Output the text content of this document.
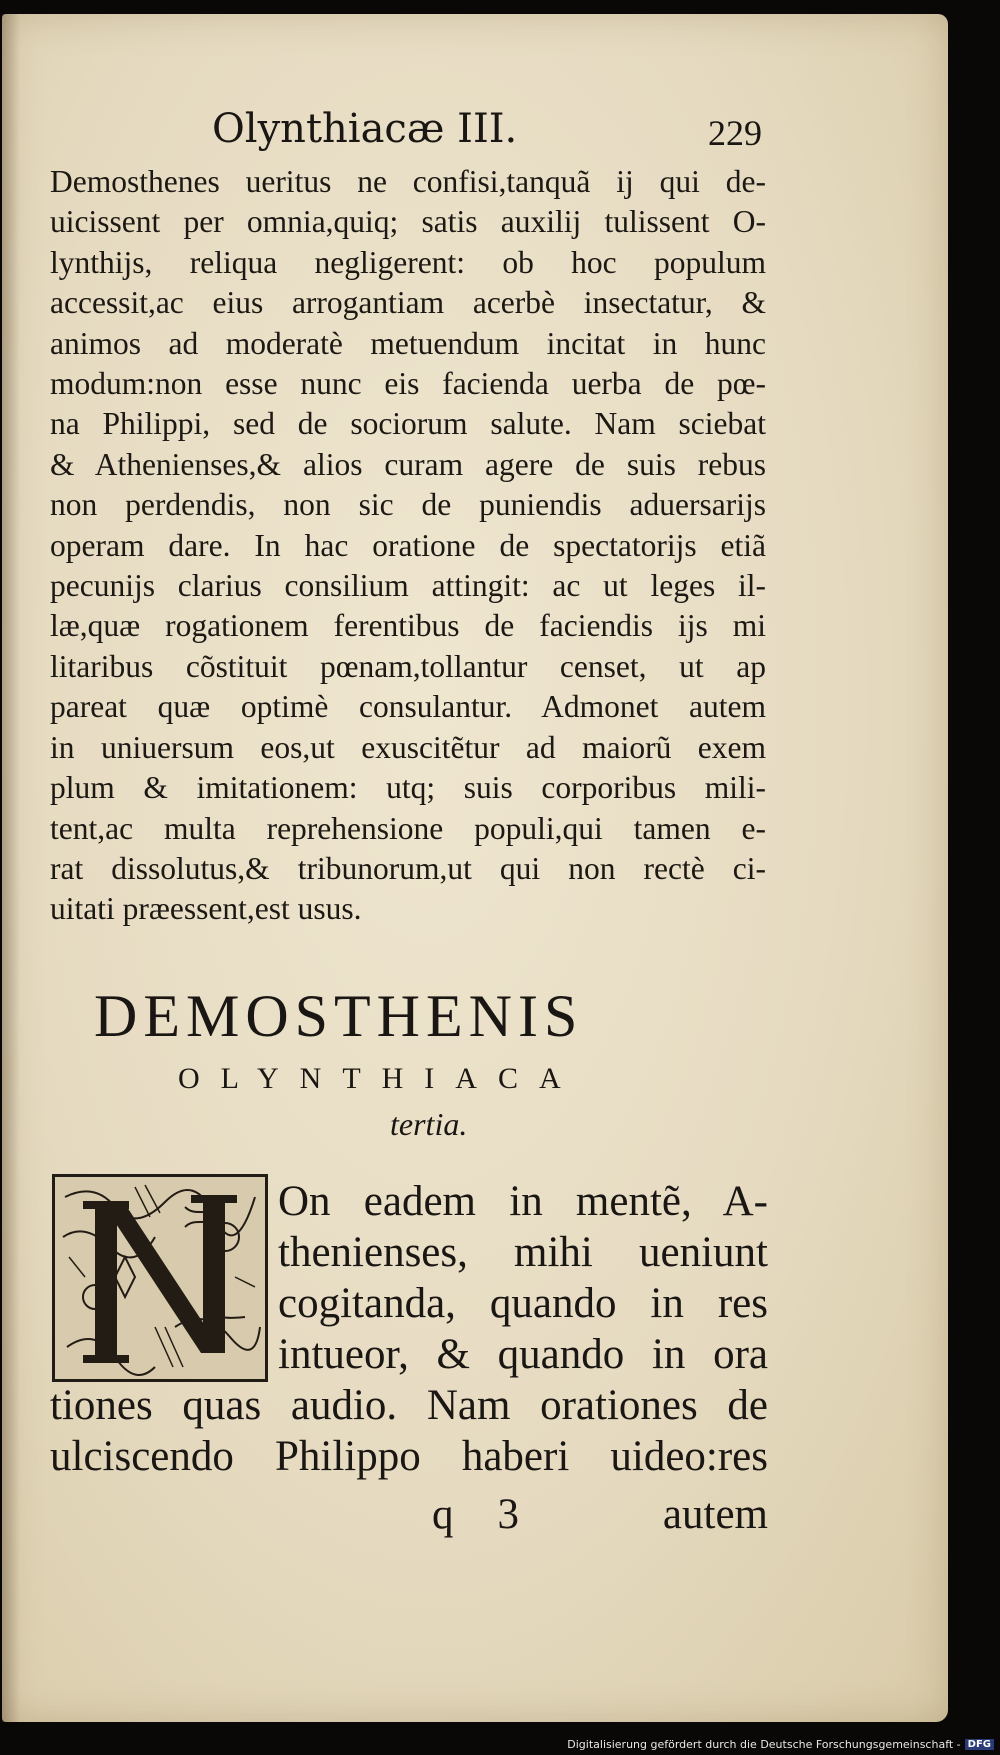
Olynthiacæ III.	229
Demosthenes ueritus ne confisi,tanquã ij qui de-
uicissent per omnia,quiq; satis auxilij tulissent O-
lynthijs, reliqua negligerent: ob hoc populum
accessit,ac eius arrogantiam acerbè insectatur, &
animos ad moderatè metuendum incitat in hunc
modum:non esse nunc eis facienda uerba de pœ-
na Philippi, sed de sociorum salute. Nam sciebat
& Athenienses,& alios curam agere de suis rebus
non perdendis, non sic de puniendis aduersarijs
operam dare. In hac oratione de spectatorijs etiã
pecunijs clarius consilium attingit: ac ut leges il-
læ,quæ rogationem ferentibus de faciendis ijs mi
litaribus cõstituit pœnam,tollantur censet, ut ap
pareat quæ optimè consulantur. Admonet autem
in uniuersum eos,ut exuscitẽtur ad maiorũ exem
plum & imitationem: utq; suis corporibus mili-
tent,ac multa reprehensione populi,qui tamen e-
rat dissolutus,& tribunorum,ut qui non rectè ci-
uitati præessent,est usus.
DEMOSTHENIS
OLYNTHIACA
tertia.
On eadem in mentẽ, A-
thenienses, mihi ueniunt
cogitanda, quando in res
intueor, & quando in ora
tiones quas audio. Nam orationes de
ulciscendo Philippo haberi uideo:res
q 3	autem
Digitalisierung gefördert durch die Deutsche Forschungsgemeinschaft - DFG
